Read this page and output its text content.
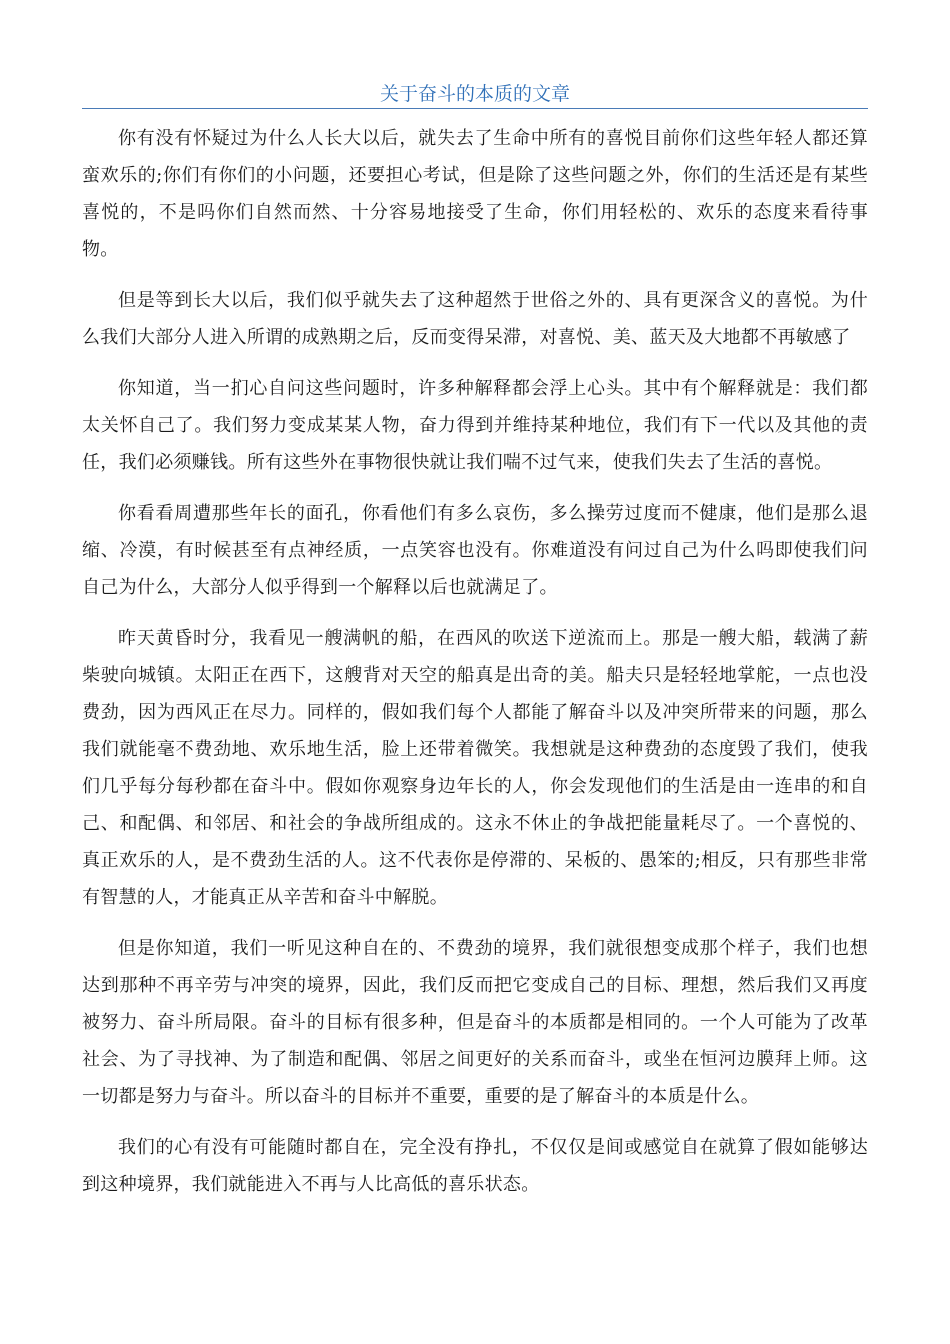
关于奋斗的本质的文章

你有没有怀疑过为什么人长大以后，就失去了生命中所有的喜悦目前你们这些年轻人都还算蛮欢乐的;你们有你们的小问题，还要担心考试，但是除了这些问题之外，你们的生活还是有某些喜悦的，不是吗你们自然而然、十分容易地接受了生命，你们用轻松的、欢乐的态度来看待事物。

但是等到长大以后，我们似乎就失去了这种超然于世俗之外的、具有更深含义的喜悦。为什么我们大部分人进入所谓的成熟期之后，反而变得呆滞，对喜悦、美、蓝天及大地都不再敏感了

你知道，当一扪心自问这些问题时，许多种解释都会浮上心头。其中有个解释就是：我们都太关怀自己了。我们努力变成某某人物，奋力得到并维持某种地位，我们有下一代以及其他的责任，我们必须赚钱。所有这些外在事物很快就让我们喘不过气来，使我们失去了生活的喜悦。

你看看周遭那些年长的面孔，你看他们有多么哀伤，多么操劳过度而不健康，他们是那么退缩、冷漠，有时候甚至有点神经质，一点笑容也没有。你难道没有问过自己为什么吗即使我们问自己为什么，大部分人似乎得到一个解释以后也就满足了。

昨天黄昏时分，我看见一艘满帆的船，在西风的吹送下逆流而上。那是一艘大船，载满了薪柴驶向城镇。太阳正在西下，这艘背对天空的船真是出奇的美。船夫只是轻轻地掌舵，一点也没费劲，因为西风正在尽力。同样的，假如我们每个人都能了解奋斗以及冲突所带来的问题，那么我们就能毫不费劲地、欢乐地生活，脸上还带着微笑。我想就是这种费劲的态度毁了我们，使我们几乎每分每秒都在奋斗中。假如你观察身边年长的人，你会发现他们的生活是由一连串的和自己、和配偶、和邻居、和社会的争战所组成的。这永不休止的争战把能量耗尽了。一个喜悦的、真正欢乐的人，是不费劲生活的人。这不代表你是停滞的、呆板的、愚笨的;相反，只有那些非常有智慧的人，才能真正从辛苦和奋斗中解脱。

但是你知道，我们一听见这种自在的、不费劲的境界，我们就很想变成那个样子，我们也想达到那种不再辛劳与冲突的境界，因此，我们反而把它变成自己的目标、理想，然后我们又再度被努力、奋斗所局限。奋斗的目标有很多种，但是奋斗的本质都是相同的。一个人可能为了改革社会、为了寻找神、为了制造和配偶、邻居之间更好的关系而奋斗，或坐在恒河边膜拜上师。这一切都是努力与奋斗。所以奋斗的目标并不重要，重要的是了解奋斗的本质是什么。

我们的心有没有可能随时都自在，完全没有挣扎，不仅仅是间或感觉自在就算了假如能够达到这种境界，我们就能进入不再与人比高低的喜乐状态。
